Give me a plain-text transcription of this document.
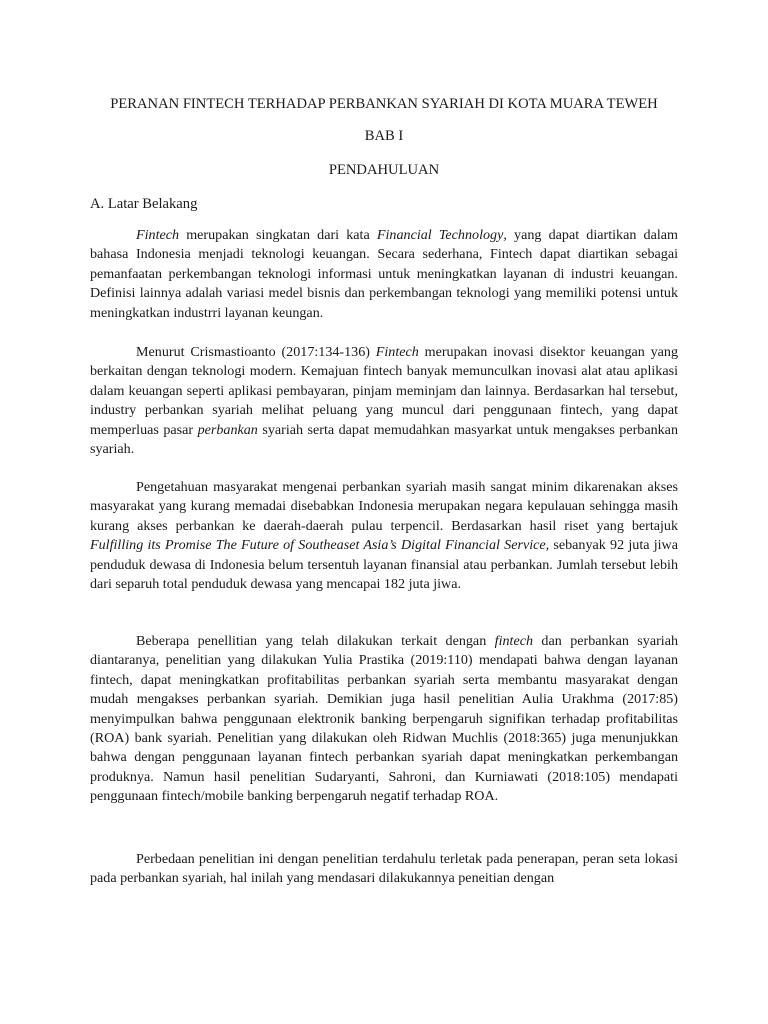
PERANAN FINTECH TERHADAP PERBANKAN SYARIAH DI KOTA MUARA TEWEH
BAB I
PENDAHULUAN
A. Latar Belakang

Fintech merupakan singkatan dari kata Financial Technology, yang dapat diartikan dalam bahasa Indonesia menjadi teknologi keuangan. Secara sederhana, Fintech dapat diartikan sebagai pemanfaatan perkembangan teknologi informasi untuk meningkatkan layanan di industri keuangan. Definisi lainnya adalah variasi medel bisnis dan perkembangan teknologi yang memiliki potensi untuk meningkatkan industrri layanan keungan.

Menurut Crismastioanto (2017:134-136) Fintech merupakan inovasi disektor keuangan yang berkaitan dengan teknologi modern. Kemajuan fintech banyak memunculkan inovasi alat atau aplikasi dalam keuangan seperti aplikasi pembayaran, pinjam meminjam dan lainnya. Berdasarkan hal tersebut, industry perbankan syariah melihat peluang yang muncul dari penggunaan fintech, yang dapat memperluas pasar perbankan syariah serta dapat memudahkan masyarkat untuk mengakses perbankan syariah.

Pengetahuan masyarakat mengenai perbankan syariah masih sangat minim dikarenakan akses masyarakat yang kurang memadai disebabkan Indonesia merupakan negara kepulauan sehingga masih kurang akses perbankan ke daerah-daerah pulau terpencil. Berdasarkan hasil riset yang bertajuk Fulfilling its Promise The Future of Southeaset Asia’s Digital Financial Service, sebanyak 92 juta jiwa penduduk dewasa di Indonesia belum tersentuh layanan finansial atau perbankan. Jumlah tersebut lebih dari separuh total penduduk dewasa yang mencapai 182 juta jiwa.

Beberapa penellitian yang telah dilakukan terkait dengan fintech dan perbankan syariah diantaranya, penelitian yang dilakukan Yulia Prastika (2019:110) mendapati bahwa dengan layanan fintech, dapat meningkatkan profitabilitas perbankan syariah serta membantu masyarakat dengan mudah mengakses perbankan syariah. Demikian juga hasil penelitian Aulia Urakhma (2017:85) menyimpulkan bahwa penggunaan elektronik banking berpengaruh signifikan terhadap profitabilitas (ROA) bank syariah. Penelitian yang dilakukan oleh Ridwan Muchlis (2018:365) juga menunjukkan bahwa dengan penggunaan layanan fintech perbankan syariah dapat meningkatkan perkembangan produknya. Namun hasil penelitian Sudaryanti, Sahroni, dan Kurniawati (2018:105) mendapati penggunaan fintech/mobile banking berpengaruh negatif terhadap ROA.

Perbedaan penelitian ini dengan penelitian terdahulu terletak pada penerapan, peran seta lokasi pada perbankan syariah, hal inilah yang mendasari dilakukannya peneitian dengan
